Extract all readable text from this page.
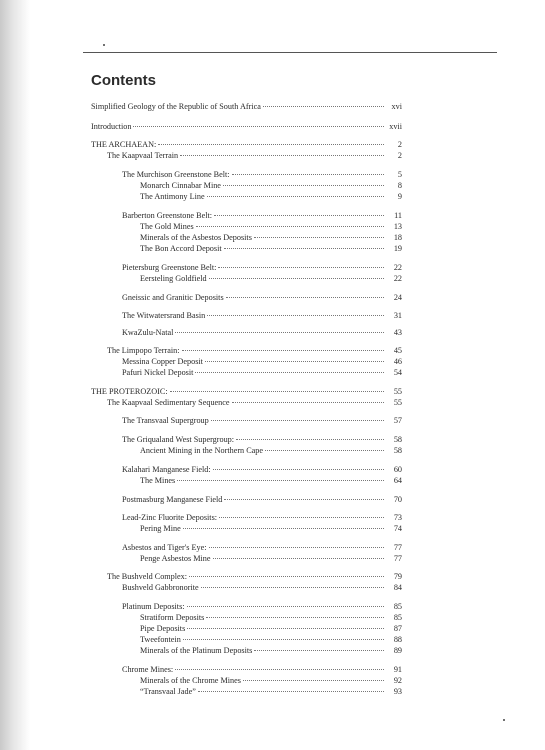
Contents
Simplified Geology of the Republic of South Africa	xvi
Introduction	xvii
THE ARCHAEAN:	2
The Kaapvaal Terrain	2
The Murchison Greenstone Belt:	5
Monarch Cinnabar Mine	8
The Antimony Line	9
Barberton Greenstone Belt:	11
The Gold Mines	13
Minerals of the Asbestos Deposits	18
The Bon Accord Deposit	19
Pietersburg Greenstone Belt:	22
Eersteling Goldfield	22
Gneissic and Granitic Deposits	24
The Witwatersrand Basin	31
KwaZulu-Natal	43
The Limpopo Terrain:	45
Messina Copper Deposit	46
Pafuri Nickel Deposit	54
THE PROTEROZOIC:	55
The Kaapvaal Sedimentary Sequence	55
The Transvaal Supergroup	57
The Griqualand West Supergroup:	58
Ancient Mining in the Northern Cape	58
Kalahari Manganese Field:	60
The Mines	64
Postmasburg Manganese Field	70
Lead-Zinc Fluorite Deposits:	73
Pering Mine	74
Asbestos and Tiger's Eye:	77
Penge Asbestos Mine	77
The Bushveld Complex:	79
Bushveld Gabbronorite	84
Platinum Deposits:	85
Stratiform Deposits	85
Pipe Deposits	87
Tweefontein	88
Minerals of the Platinum Deposits	89
Chrome Mines:	91
Minerals of the Chrome Mines	92
“Transvaal Jade”	93
